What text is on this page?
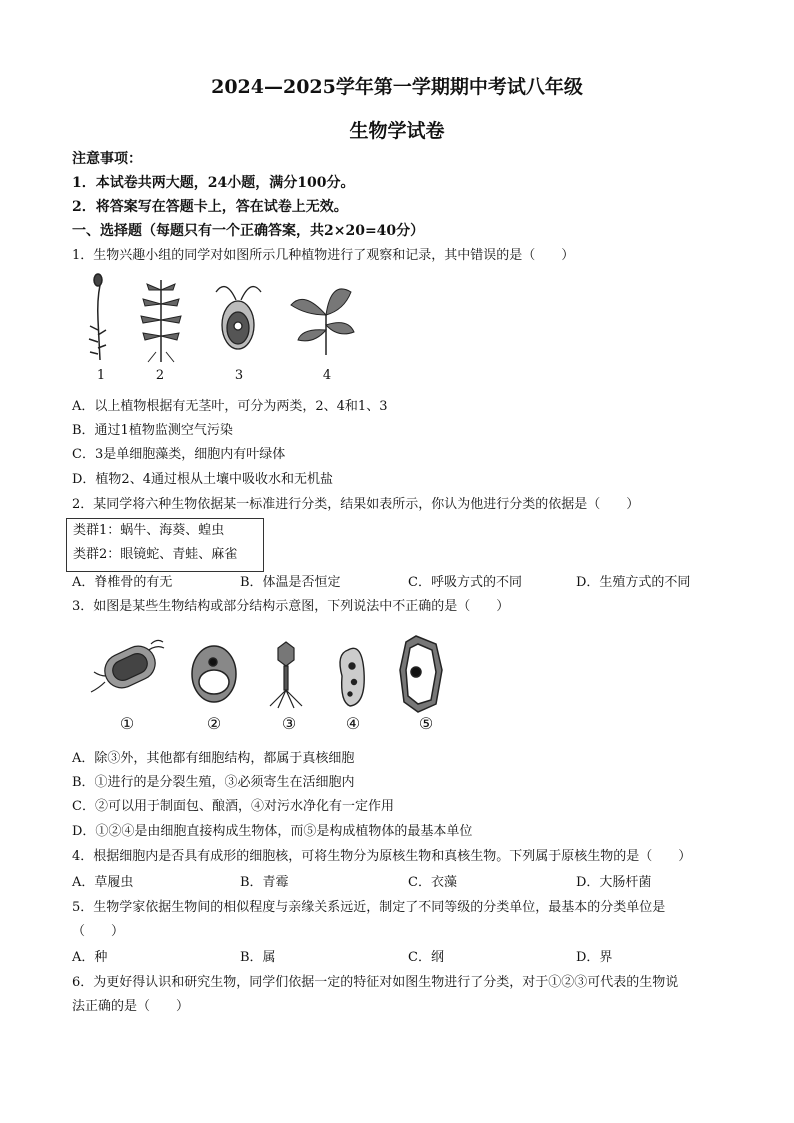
2024—2025学年第一学期期中考试八年级
生物学试卷
注意事项：
1．本试卷共两大题，24小题，满分100分。
2．将答案写在答题卡上，答在试卷上无效。
一、选择题（每题只有一个正确答案，共2×20=40分）
1．生物兴趣小组的同学对如图所示几种植物进行了观察和记录，其中错误的是（　　）
1	2	3	4
A．以上植物根据有无茎叶，可分为两类，2、4和1、3
B．通过1植物监测空气污染
C．3是单细胞藻类，细胞内有叶绿体
D．植物2、4通过根从土壤中吸收水和无机盐
2．某同学将六种生物依据某一标准进行分类，结果如表所示，你认为他进行分类的依据是（　　）
类群1：蜗牛、海葵、蝗虫
类群2：眼镜蛇、青蛙、麻雀
A．脊椎骨的有无	B．体温是否恒定	C．呼吸方式的不同	D．生殖方式的不同
3．如图是某些生物结构或部分结构示意图，下列说法中不正确的是（　　）
①	②	③	④	⑤
A．除③外，其他都有细胞结构，都属于真核细胞
B．①进行的是分裂生殖，③必须寄生在活细胞内
C．②可以用于制面包、酿酒，④对污水净化有一定作用
D．①②④是由细胞直接构成生物体，而⑤是构成植物体的最基本单位
4．根据细胞内是否具有成形的细胞核，可将生物分为原核生物和真核生物。下列属于原核生物的是（　　）
A．草履虫	B．青霉	C．衣藻	D．大肠杆菌
5．生物学家依据生物间的相似程度与亲缘关系远近，制定了不同等级的分类单位，最基本的分类单位是
（　　）
A．种	B．属	C．纲	D．界
6．为更好得认识和研究生物，同学们依据一定的特征对如图生物进行了分类，对于①②③可代表的生物说
法正确的是（　　）
